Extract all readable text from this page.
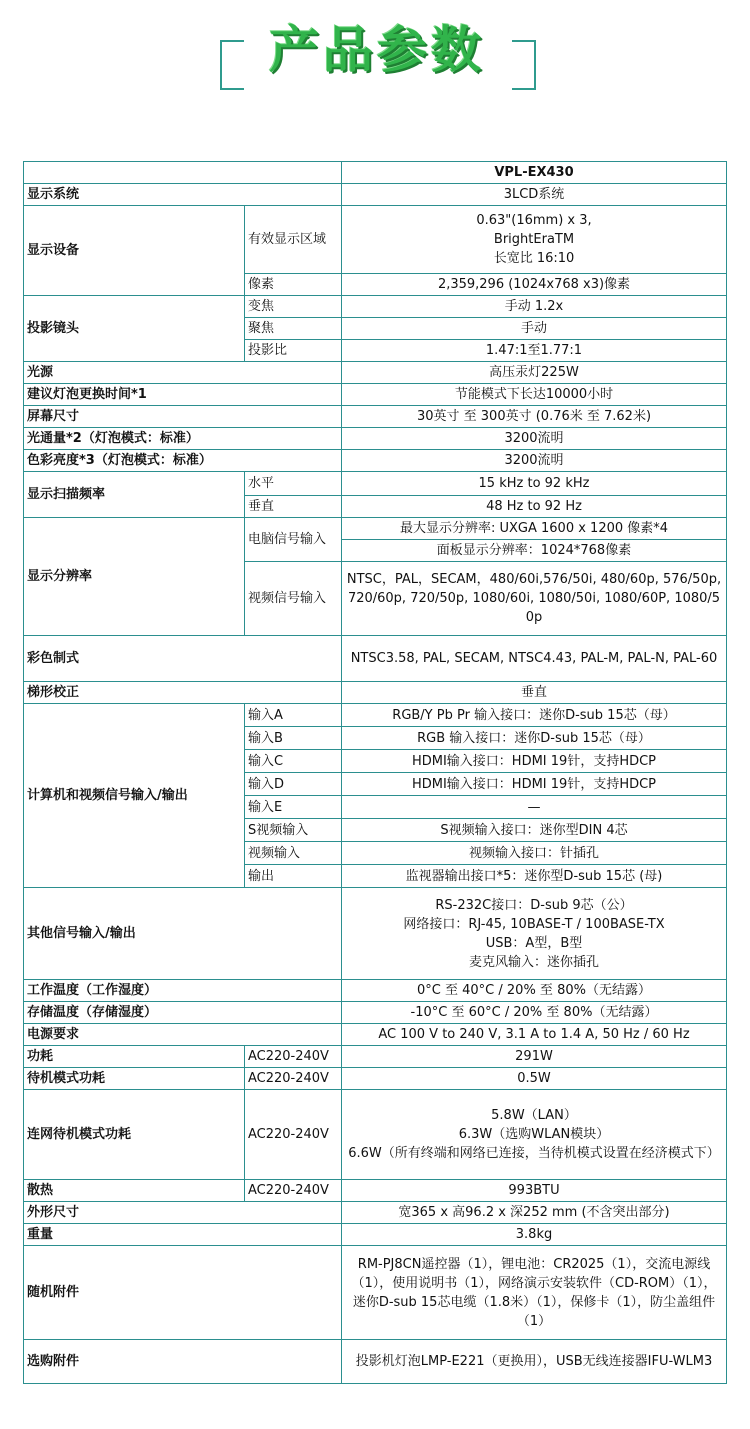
产品参数
		VPL-EX430
显示系统		3LCD系统
显示设备	有效显示区域	0.63"(16mm) x 3,
BrightEraTM
长宽比 16:10

	像素	2,359,296 (1024x768 x3)像素
投影镜头	变焦	手动 1.2x
	聚焦	手动
	投影比	1.47:1至1.77:1
光源		高压汞灯225W
建议灯泡更换时间*1		节能模式下长达10000小时
屏幕尺寸		30英寸 至 300英寸 (0.76米 至 7.62米)
光通量*2（灯泡模式：标准）		3200流明
色彩亮度*3（灯泡模式：标准）		3200流明
显示扫描频率	水平	15 kHz to 92 kHz
	垂直	48 Hz to 92 Hz
显示分辨率	电脑信号输入	最大显示分辨率: UXGA 1600 x 1200 像素*4
		面板显示分辨率：1024*768像素
	视频信号输入	NTSC，PAL，SECAM，480/60i,576/50i, 480/60p, 576/50p, 720/60p, 720/50p, 1080/60i, 1080/50i, 1080/60P, 1080/50p
彩色制式		NTSC3.58, PAL, SECAM, NTSC4.43, PAL-M, PAL-N, PAL-60
梯形校正		垂直
计算机和视频信号输入/输出	输入A	RGB/Y Pb Pr 输入接口：迷你D-sub 15芯（母）
	输入B	RGB 输入接口：迷你D-sub 15芯（母）
	输入C	HDMI输入接口：HDMI 19针，支持HDCP
	输入D	HDMI输入接口：HDMI 19针，支持HDCP
	输入E	—
	S视频输入	S视频输入接口：迷你型DIN 4芯
	视频输入	视频输入接口：针插孔
	输出	监视器输出接口*5：迷你型D-sub 15芯 (母)
其他信号输入/输出		RS-232C接口：D-sub 9芯（公）
网络接口：RJ-45, 10BASE-T / 100BASE-TX
USB：A型，B型
麦克风输入：迷你插孔

工作温度（工作湿度）		0°C 至 40°C / 20% 至 80%（无结露）
存储温度（存储湿度）		-10°C 至 60°C / 20% 至 80%（无结露）
电源要求		AC 100 V to 240 V, 3.1 A to 1.4 A, 50 Hz / 60 Hz
功耗	AC220-240V	291W
待机模式功耗	AC220-240V	0.5W
连网待机模式功耗	AC220-240V	5.8W（LAN）
6.3W（选购WLAN模块）
6.6W（所有终端和网络已连接，当待机模式设置在经济模式下）

散热	AC220-240V	993BTU
外形尺寸		宽365 x 高96.2 x 深252 mm (不含突出部分)
重量		3.8kg
随机附件		RM-PJ8CN遥控器（1），锂电池：CR2025（1），交流电源线（1），使用说明书（1），网络演示安装软件（CD-ROM）（1），迷你D-sub 15芯电缆（1.8米）（1），保修卡（1），防尘盖组件（1）
选购附件		投影机灯泡LMP-E221（更换用），USB无线连接器IFU-WLM3
